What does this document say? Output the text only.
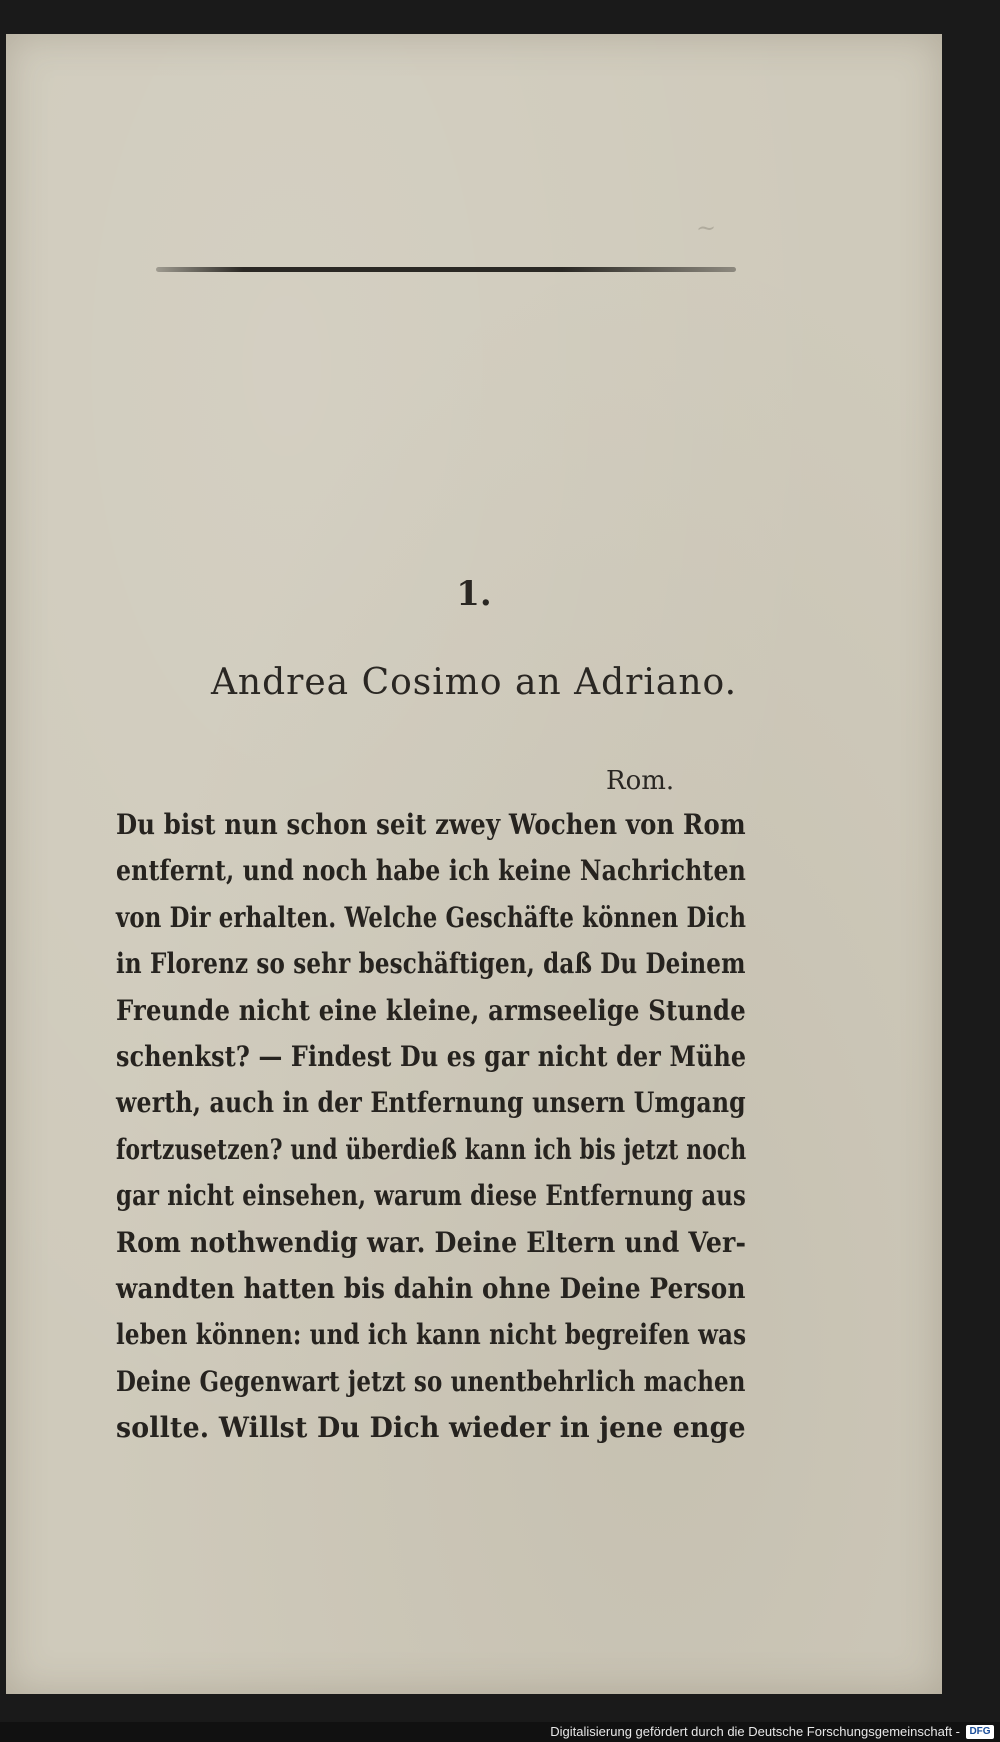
~
1.
Andrea Cosimo an Adriano.
Rom.
Du bist nun schon seit zwey Wochen von Rom
entfernt, und noch habe ich keine Nachrichten
von Dir erhalten. Welche Geschäfte können Dich
in Florenz so sehr beschäftigen, daß Du Deinem
Freunde nicht eine kleine, armseelige Stunde
schenkst? — Findest Du es gar nicht der Mühe
werth, auch in der Entfernung unsern Umgang
fortzusetzen? und überdieß kann ich bis jetzt noch
gar nicht einsehen, warum diese Entfernung aus
Rom nothwendig war. Deine Eltern und Ver-
wandten hatten bis dahin ohne Deine Person
leben können: und ich kann nicht begreifen was
Deine Gegenwart jetzt so unentbehrlich machen
sollte. Willst Du Dich wieder in jene enge
Digitalisierung gefördert durch die Deutsche Forschungsgemeinschaft - DFG
